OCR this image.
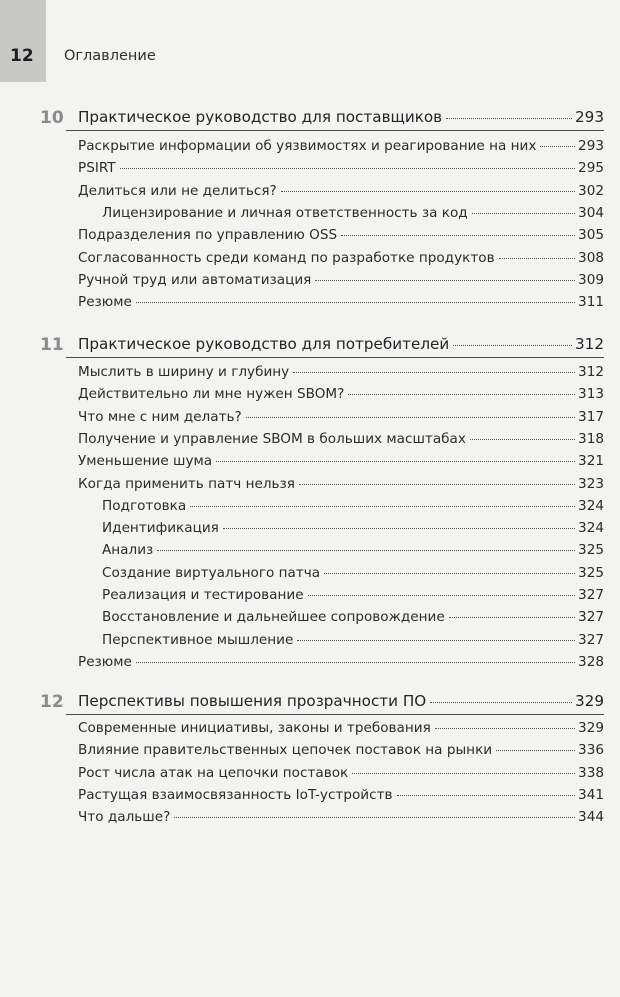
12	Оглавление
10 Практическое руководство для поставщиков	293
Раскрытие информации об уязвимостях и реагирование на них	293
PSIRT	295
Делиться или не делиться?	302
Лицензирование и личная ответственность за код	304
Подразделения по управлению OSS	305
Согласованность среди команд по разработке продуктов	308
Ручной труд или автоматизация	309
Резюме	311
11 Практическое руководство для потребителей	312
Мыслить в ширину и глубину	312
Действительно ли мне нужен SBOM?	313
Что мне с ним делать?	317
Получение и управление SBOM в больших масштабах	318
Уменьшение шума	321
Когда применить патч нельзя	323
Подготовка	324
Идентификация	324
Анализ	325
Создание виртуального патча	325
Реализация и тестирование	327
Восстановление и дальнейшее сопровождение	327
Перспективное мышление	327
Резюме	328
12 Перспективы повышения прозрачности ПО	329
Современные инициативы, законы и требования	329
Влияние правительственных цепочек поставок на рынки	336
Рост числа атак на цепочки поставок	338
Растущая взаимосвязанность IoT-устройств	341
Что дальше?	344
